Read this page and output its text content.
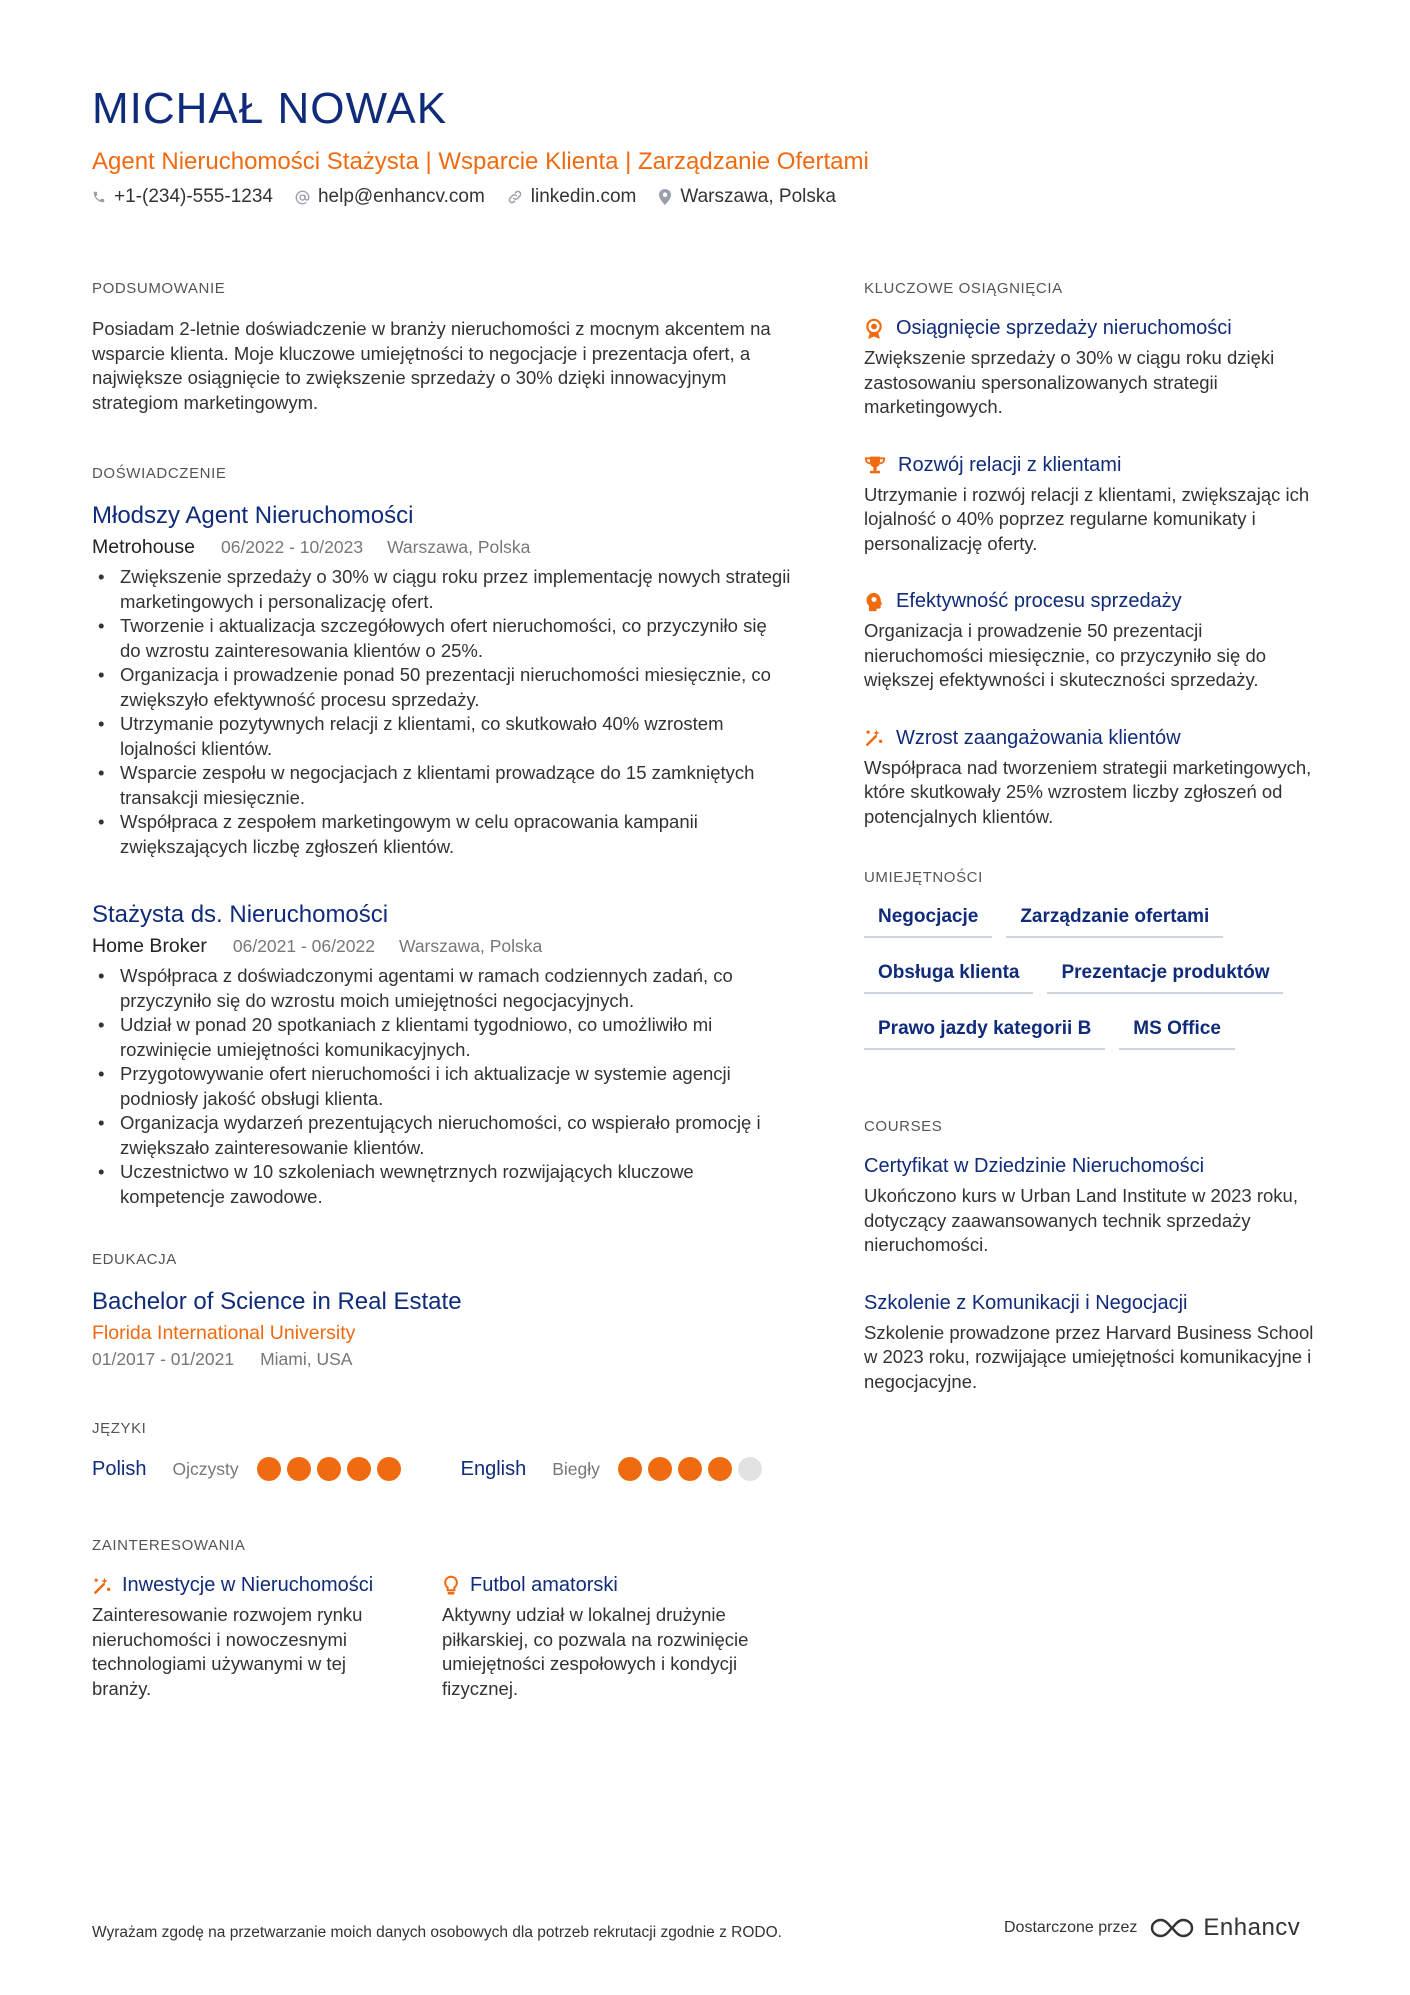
MICHAŁ NOWAK
Agent Nieruchomości Stażysta | Wsparcie Klienta | Zarządzanie Ofertami
+1-(234)-555-1234 help@enhancv.com linkedin.com Warszawa, Polska
PODSUMOWANIE

Posiadam 2-letnie doświadczenie w branży nieruchomości z mocnym akcentem na wsparcie klienta. Moje kluczowe umiejętności to negocjacje i prezentacja ofert, a największe osiągnięcie to zwiększenie sprzedaży o 30% dzięki innowacyjnym strategiom marketingowym.

DOŚWIADCZENIE
Młodszy Agent Nieruchomości
Metrohouse 06/2022 - 10/2023 Warszawa, Polska
• Zwiększenie sprzedaży o 30% w ciągu roku przez implementację nowych strategii marketingowych i personalizację ofert.
• Tworzenie i aktualizacja szczegółowych ofert nieruchomości, co przyczyniło się do wzrostu zainteresowania klientów o 25%.
• Organizacja i prowadzenie ponad 50 prezentacji nieruchomości miesięcznie, co zwiększyło efektywność procesu sprzedaży.
• Utrzymanie pozytywnych relacji z klientami, co skutkowało 40% wzrostem lojalności klientów.
• Wsparcie zespołu w negocjacjach z klientami prowadzące do 15 zamkniętych transakcji miesięcznie.
• Współpraca z zespołem marketingowym w celu opracowania kampanii zwiększających liczbę zgłoszeń klientów.
Stażysta ds. Nieruchomości
Home Broker 06/2021 - 06/2022 Warszawa, Polska
• Współpraca z doświadczonymi agentami w ramach codziennych zadań, co przyczyniło się do wzrostu moich umiejętności negocjacyjnych.
• Udział w ponad 20 spotkaniach z klientami tygodniowo, co umożliwiło mi rozwinięcie umiejętności komunikacyjnych.
• Przygotowywanie ofert nieruchomości i ich aktualizacje w systemie agencji podniosły jakość obsługi klienta.
• Organizacja wydarzeń prezentujących nieruchomości, co wspierało promocję i zwiększało zainteresowanie klientów.
• Uczestnictwo w 10 szkoleniach wewnętrznych rozwijających kluczowe kompetencje zawodowe.
EDUKACJA
Bachelor of Science in Real Estate
Florida International University
01/2017 - 01/2021 Miami, USA
JĘZYKI
Polish Ojczysty	English Biegły
ZAINTERESOWANIA
Inwestycje w Nieruchomości

Zainteresowanie rozwojem rynku nieruchomości i nowoczesnymi technologiami używanymi w tej branży.

Futbol amatorski

Aktywny udział w lokalnej drużynie piłkarskiej, co pozwala na rozwinięcie umiejętności zespołowych i kondycji fizycznej.

KLUCZOWE OSIĄGNIĘCIA
Osiągnięcie sprzedaży nieruchomości

Zwiększenie sprzedaży o 30% w ciągu roku dzięki zastosowaniu spersonalizowanych strategii marketingowych.

Rozwój relacji z klientami

Utrzymanie i rozwój relacji z klientami, zwiększając ich lojalność o 40% poprzez regularne komunikaty i personalizację oferty.

Efektywność procesu sprzedaży

Organizacja i prowadzenie 50 prezentacji nieruchomości miesięcznie, co przyczyniło się do większej efektywności i skuteczności sprzedaży.

Wzrost zaangażowania klientów

Współpraca nad tworzeniem strategii marketingowych, które skutkowały 25% wzrostem liczby zgłoszeń od potencjalnych klientów.

UMIEJĘTNOŚCI
Negocjacje	Zarządzanie ofertami
Obsługa klienta	Prezentacje produktów
Prawo jazdy kategorii B	MS Office
COURSES
Certyfikat w Dziedzinie Nieruchomości

Ukończono kurs w Urban Land Institute w 2023 roku, dotyczący zaawansowanych technik sprzedaży nieruchomości.

Szkolenie z Komunikacji i Negocjacji

Szkolenie prowadzone przez Harvard Business School w 2023 roku, rozwijające umiejętności komunikacyjne i negocjacyjne.

Wyrażam zgodę na przetwarzanie moich danych osobowych dla potrzeb rekrutacji zgodnie z RODO.	Dostarczone przez	Enhancv
